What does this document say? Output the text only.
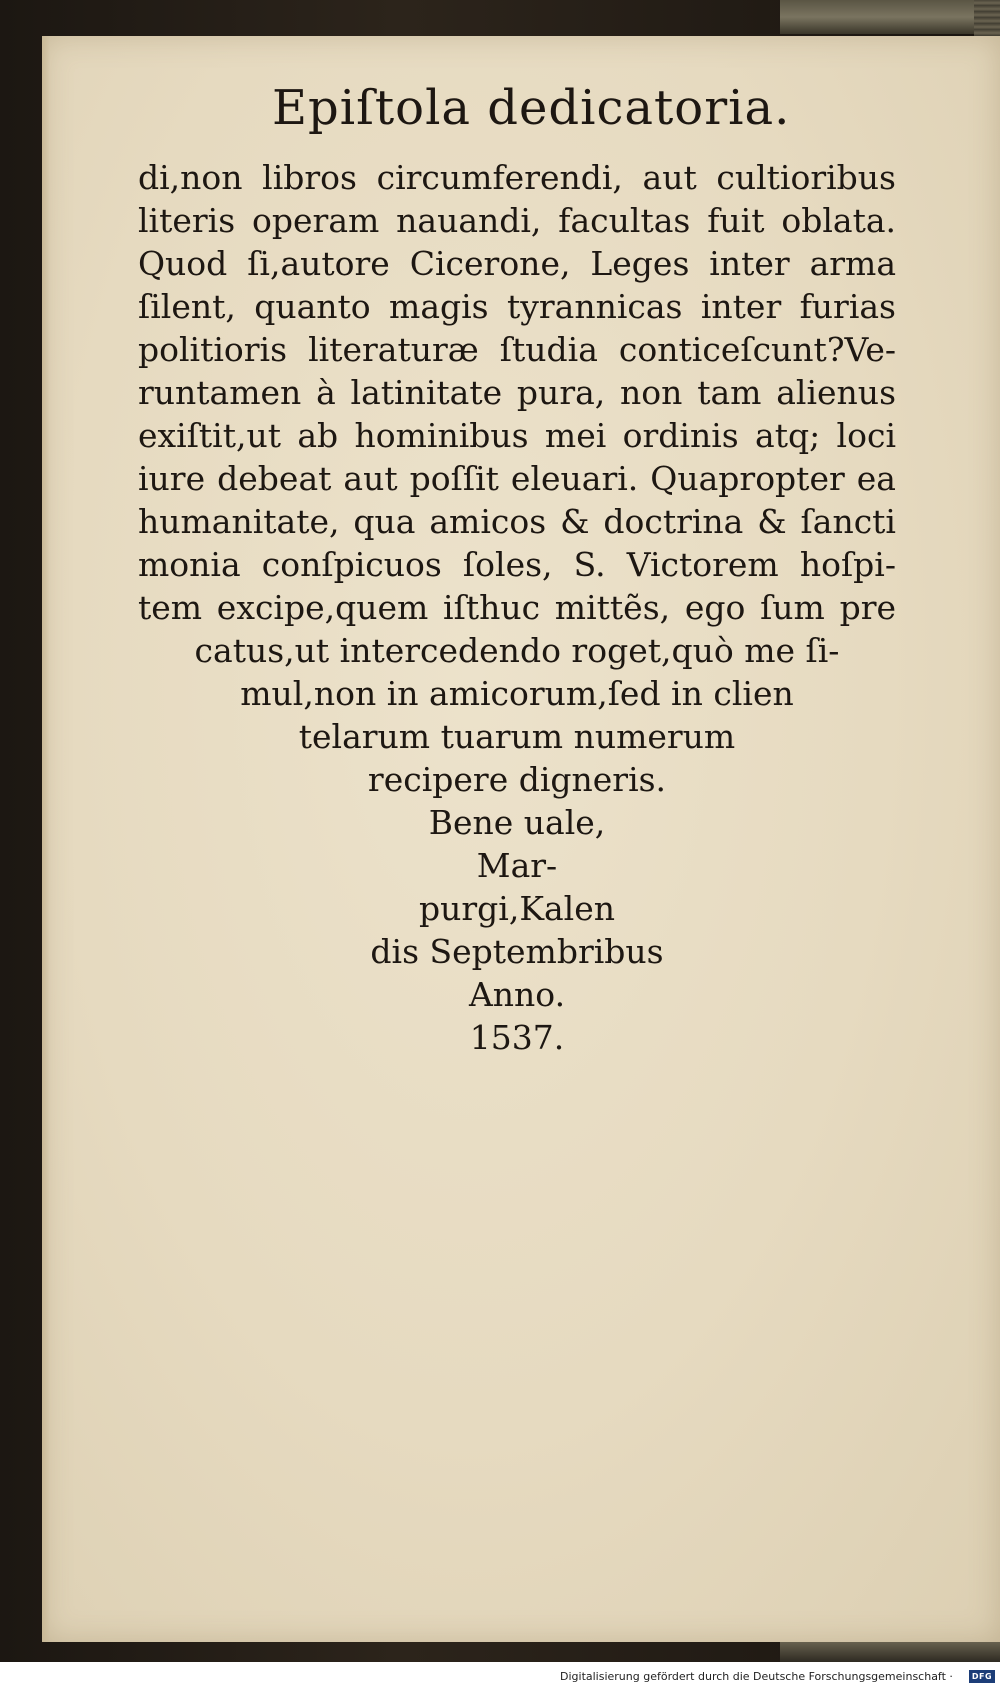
Epiſtola dedicatoria.
di,non libros circumferendi, aut cultioribus
literis operam nauandi, facultas fuit oblata.
Quod ſi,autore Cicerone, Leges inter arma
ſilent, quanto magis tyrannicas inter furias
politioris literaturæ ſtudia conticeſcunt?Ve-
runtamen à latinitate pura, non tam alienus
exiſtit,ut ab hominibus mei ordinis atq; loci
iure debeat aut poſſit eleuari. Quapropter ea
humanitate, qua amicos & doctrina & ſancti
monia conſpicuos ſoles, S. Victorem hoſpi-
tem excipe,quem iſthuc mittẽs, ego ſum pre
catus,ut intercedendo roget,quò me ſi-
mul,non in amicorum,ſed in clien
telarum tuarum numerum
recipere digneris.
Bene uale,
Mar-
purgi,Kalen
dis Septembribus
Anno.
1537.
Digitalisierung gefördert durch die Deutsche Forschungsgemeinschaft ·	DFG
